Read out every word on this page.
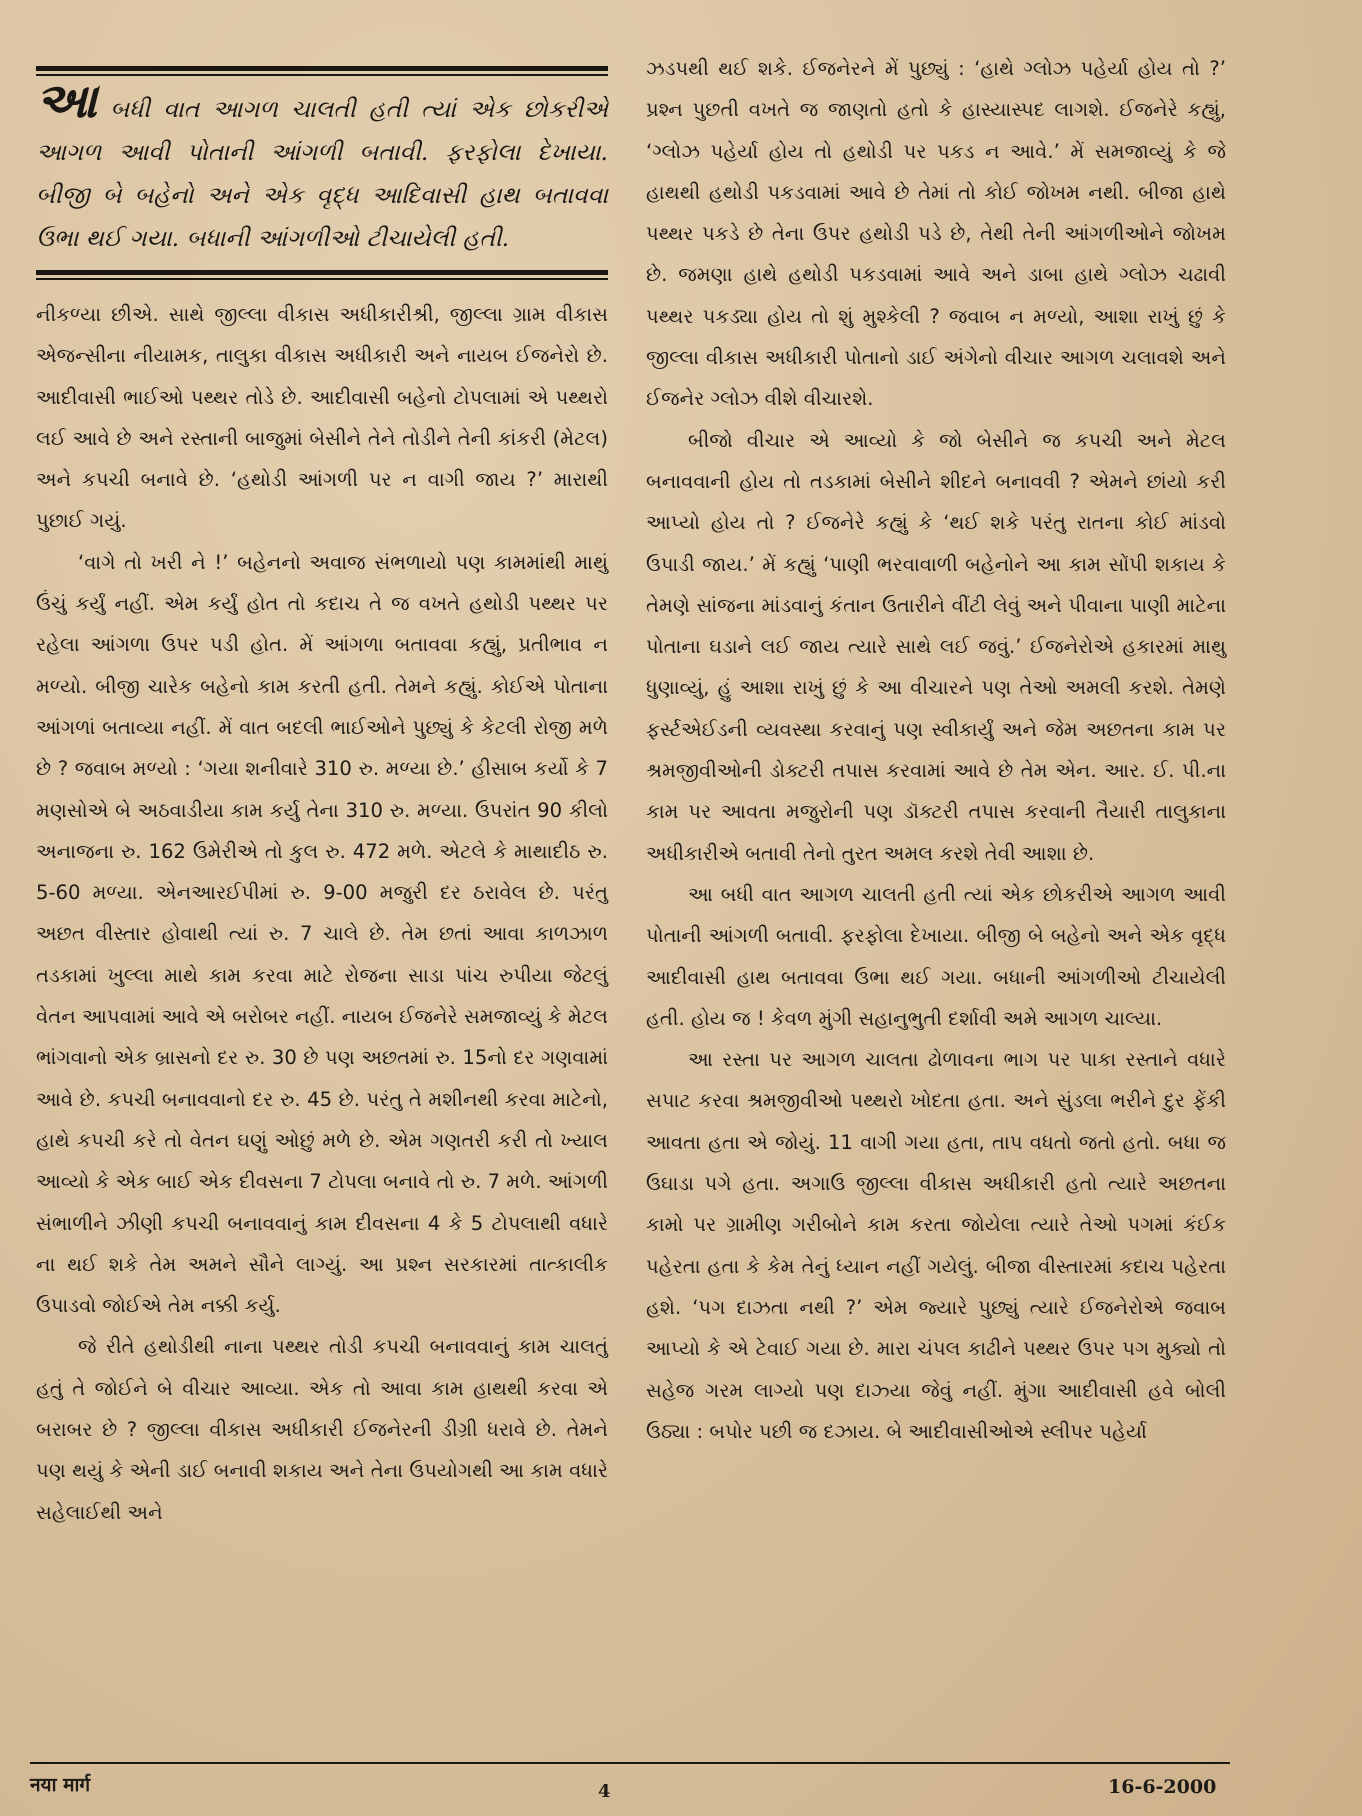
આ બધી વાત આગળ ચાલતી હતી ત્યાં એક છોકરીએ આગળ આવી પોતાની આંગળી બતાવી. ફરફોલા દેખાયા. બીજી બે બહેનો અને એક વૃદ્ધ આદિવાસી હાથ બતાવવા ઉભા થઈ ગયા. બધાની આંગળીઓ ટીચાયેલી હતી.

નીકળ્યા છીએ. સાથે જીલ્લા વીકાસ અધીકારીશ્રી, જીલ્લા ગ્રામ વીકાસ એજન્સીના નીયામક, તાલુકા વીકાસ અધીકારી અને નાયબ ઈજનેરો છે. આદીવાસી ભાઈઓ પથ્થર તોડે છે. આદીવાસી બહેનો ટોપલામાં એ પથ્થરો લઈ આવે છે અને રસ્તાની બાજુમાં બેસીને તેને તોડીને તેની કાંકરી (મેટલ) અને કપચી બનાવે છે. ‘હથોડી આંગળી પર ન વાગી જાય ?’ મારાથી પુછાઈ ગયું.

‘વાગે તો ખરી ને !’ બહેનનો અવાજ સંભળાયો પણ કામમાંથી માથું ઉંચું કર્યું નહીં. એમ કર્યું હોત તો કદાચ તે જ વખતે હથોડી પથ્થર પર રહેલા આંગળા ઉપર પડી હોત. મેં આંગળા બતાવવા કહ્યું, પ્રતીભાવ ન મળ્યો. બીજી ચારેક બહેનો કામ કરતી હતી. તેમને કહ્યું. કોઈએ પોતાના આંગળાં બતાવ્યા નહીં. મેં વાત બદલી ભાઈઓને પુછ્યું કે કેટલી રોજી મળે છે ? જવાબ મળ્યો : ‘ગયા શનીવારે 310 રુ. મળ્યા છે.’ હીસાબ કર્યો કે 7 મણસોએ બે અઠવાડીયા કામ કર્યુ તેના 310 રુ. મળ્યા. ઉપરાંત 90 કીલો અનાજના રુ. 162 ઉમેરીએ તો કુલ રુ. 472 મળે. એટલે કે માથાદીઠ રુ. 5-60 મળ્યા. એનઆરઈપીમાં રુ. 9-00 મજુરી દર ઠરાવેલ છે. પરંતુ અછત વીસ્તાર હોવાથી ત્યાં રુ. 7 ચાલે છે. તેમ છતાં આવા કાળઝાળ તડકામાં ખુલ્લા માથે કામ કરવા માટે રોજના સાડા પાંચ રુપીયા જેટલું વેતન આપવામાં આવે એ બરોબર નહીં. નાયબ ઈજનેરે સમજાવ્યું કે મેટલ ભાંગવાનો એક બ્રાસનો દર રુ. 30 છે પણ અછતમાં રુ. 15નો દર ગણવામાં આવે છે. કપચી બનાવવાનો દર રુ. 45 છે. પરંતુ તે મશીનથી કરવા માટેનો, હાથે કપચી કરે તો વેતન ઘણું ઓછું મળે છે. એમ ગણતરી કરી તો ખ્યાલ આવ્યો કે એક બાઈ એક દીવસના 7 ટોપલા બનાવે તો રુ. 7 મળે. આંગળી સંભાળીને ઝીણી કપચી બનાવવાનું કામ દીવસના 4 કે 5 ટોપલાથી વધારે ના થઈ શકે તેમ અમને સૌને લાગ્યું. આ પ્રશ્ન સરકારમાં તાત્કાલીક ઉપાડવો જોઈએ તેમ નક્કી કર્યુ.

જે રીતે હથોડીથી નાના પથ્થર તોડી કપચી બનાવવાનું કામ ચાલતું હતું તે જોઈને બે વીચાર આવ્યા. એક તો આવા કામ હાથથી કરવા એ બરાબર છે ? જીલ્લા વીકાસ અધીકારી ઈજનેરની ડીગ્રી ધરાવે છે. તેમને પણ થયું કે એની ડાઈ બનાવી શકાય અને તેના ઉપયોગથી આ કામ વધારે સહેલાઈથી અને

ઝડપથી થઈ શકે. ઈજનેરને મેં પુછ્યું : ‘હાથે ગ્લોઝ પહેર્યા હોય તો ?’ પ્રશ્ન પુછતી વખતે જ જાણતો હતો કે હાસ્યાસ્પદ લાગશે. ઈજનેરે કહ્યું, ‘ગ્લોઝ પહેર્યા હોય તો હથોડી પર પકડ ન આવે.’ મેં સમજાવ્યું કે જે હાથથી હથોડી પકડવામાં આવે છે તેમાં તો કોઈ જોખમ નથી. બીજા હાથે પથ્થર પકડે છે તેના ઉપર હથોડી પડે છે, તેથી તેની આંગળીઓને જોખમ છે. જમણા હાથે હથોડી પકડવામાં આવે અને ડાબા હાથે ગ્લોઝ ચઢાવી પથ્થર પકડ્યા હોય તો શું મુશ્કેલી ? જવાબ ન મળ્યો, આશા રાખું છું કે જીલ્લા વીકાસ અધીકારી પોતાનો ડાઈ અંગેનો વીચાર આગળ ચલાવશે અને ઈજનેર ગ્લોઝ વીશે વીચારશે.

બીજો વીચાર એ આવ્યો કે જો બેસીને જ કપચી અને મેટલ બનાવવાની હોય તો તડકામાં બેસીને શીદને બનાવવી ? એમને છાંયો કરી આપ્યો હોય તો ? ઈજનેરે કહ્યું કે ‘થઈ શકે પરંતુ રાતના કોઈ માંડવો ઉપાડી જાય.’ મેં કહ્યું ‘પાણી ભરવાવાળી બહેનોને આ કામ સોંપી શકાય કે તેમણે સાંજના માંડવાનું કંતાન ઉતારીને વીંટી લેવું અને પીવાના પાણી માટેના પોતાના ઘડાને લઈ જાય ત્યારે સાથે લઈ જવું.’ ઈજનેરોએ હકારમાં માથુ ધુણાવ્યું, હું આશા રાખું છું કે આ વીચારને પણ તેઓ અમલી કરશે. તેમણે ફર્સ્ટએઈડની વ્યવસ્થા કરવાનું પણ સ્વીકાર્યું અને જેમ અછતના કામ પર શ્રમજીવીઓની ડોક્ટરી તપાસ કરવામાં આવે છે તેમ એન. આર. ઈ. પી.ના કામ પર આવતા મજુરોની પણ ડૉક્ટરી તપાસ કરવાની તૈયારી તાલુકાના અધીકારીએ બતાવી તેનો તુરત અમલ કરશે તેવી આશા છે.

આ બધી વાત આગળ ચાલતી હતી ત્યાં એક છોકરીએ આગળ આવી પોતાની આંગળી બતાવી. ફરફોલા દેખાયા. બીજી બે બહેનો અને એક વૃદ્ધ આદીવાસી હાથ બતાવવા ઉભા થઈ ગયા. બધાની આંગળીઓ ટીચાયેલી હતી. હોય જ ! કેવળ મુંગી સહાનુભુતી દર્શાવી અમે આગળ ચાલ્યા.

આ રસ્તા પર આગળ ચાલતા ઢોળાવના ભાગ પર પાકા રસ્તાને વધારે સપાટ કરવા શ્રમજીવીઓ પથ્થરો ખોદતા હતા. અને સુંડલા ભરીને દુર ફેંકી આવતા હતા એ જોયું. 11 વાગી ગયા હતા, તાપ વધતો જતો હતો. બધા જ ઉઘાડા પગે હતા. અગાઉ જીલ્લા વીકાસ અધીકારી હતો ત્યારે અછતના કામો પર ગ્રામીણ ગરીબોને કામ કરતા જોયેલા ત્યારે તેઓ પગમાં કંઈક પહેરતા હતા કે કેમ તેનું ધ્યાન નહીં ગયેલું. બીજા વીસ્તારમાં કદાચ પહેરતા હશે. ‘પગ દાઝતા નથી ?’ એમ જ્યારે પુછ્યું ત્યારે ઈજનેરોએ જવાબ આપ્યો કે એ ટેવાઈ ગયા છે. મારા ચંપલ કાઢીને પથ્થર ઉપર પગ મુક્યો તો સહેજ ગરમ લાગ્યો પણ દાઝ્યા જેવું નહીં. મુંગા આદીવાસી હવે બોલી ઉઠ્યા : બપોર પછી જ દઝાય. બે આદીવાસીઓએ સ્લીપર પહેર્યા

नया मार्ग	4	16-6-2000
